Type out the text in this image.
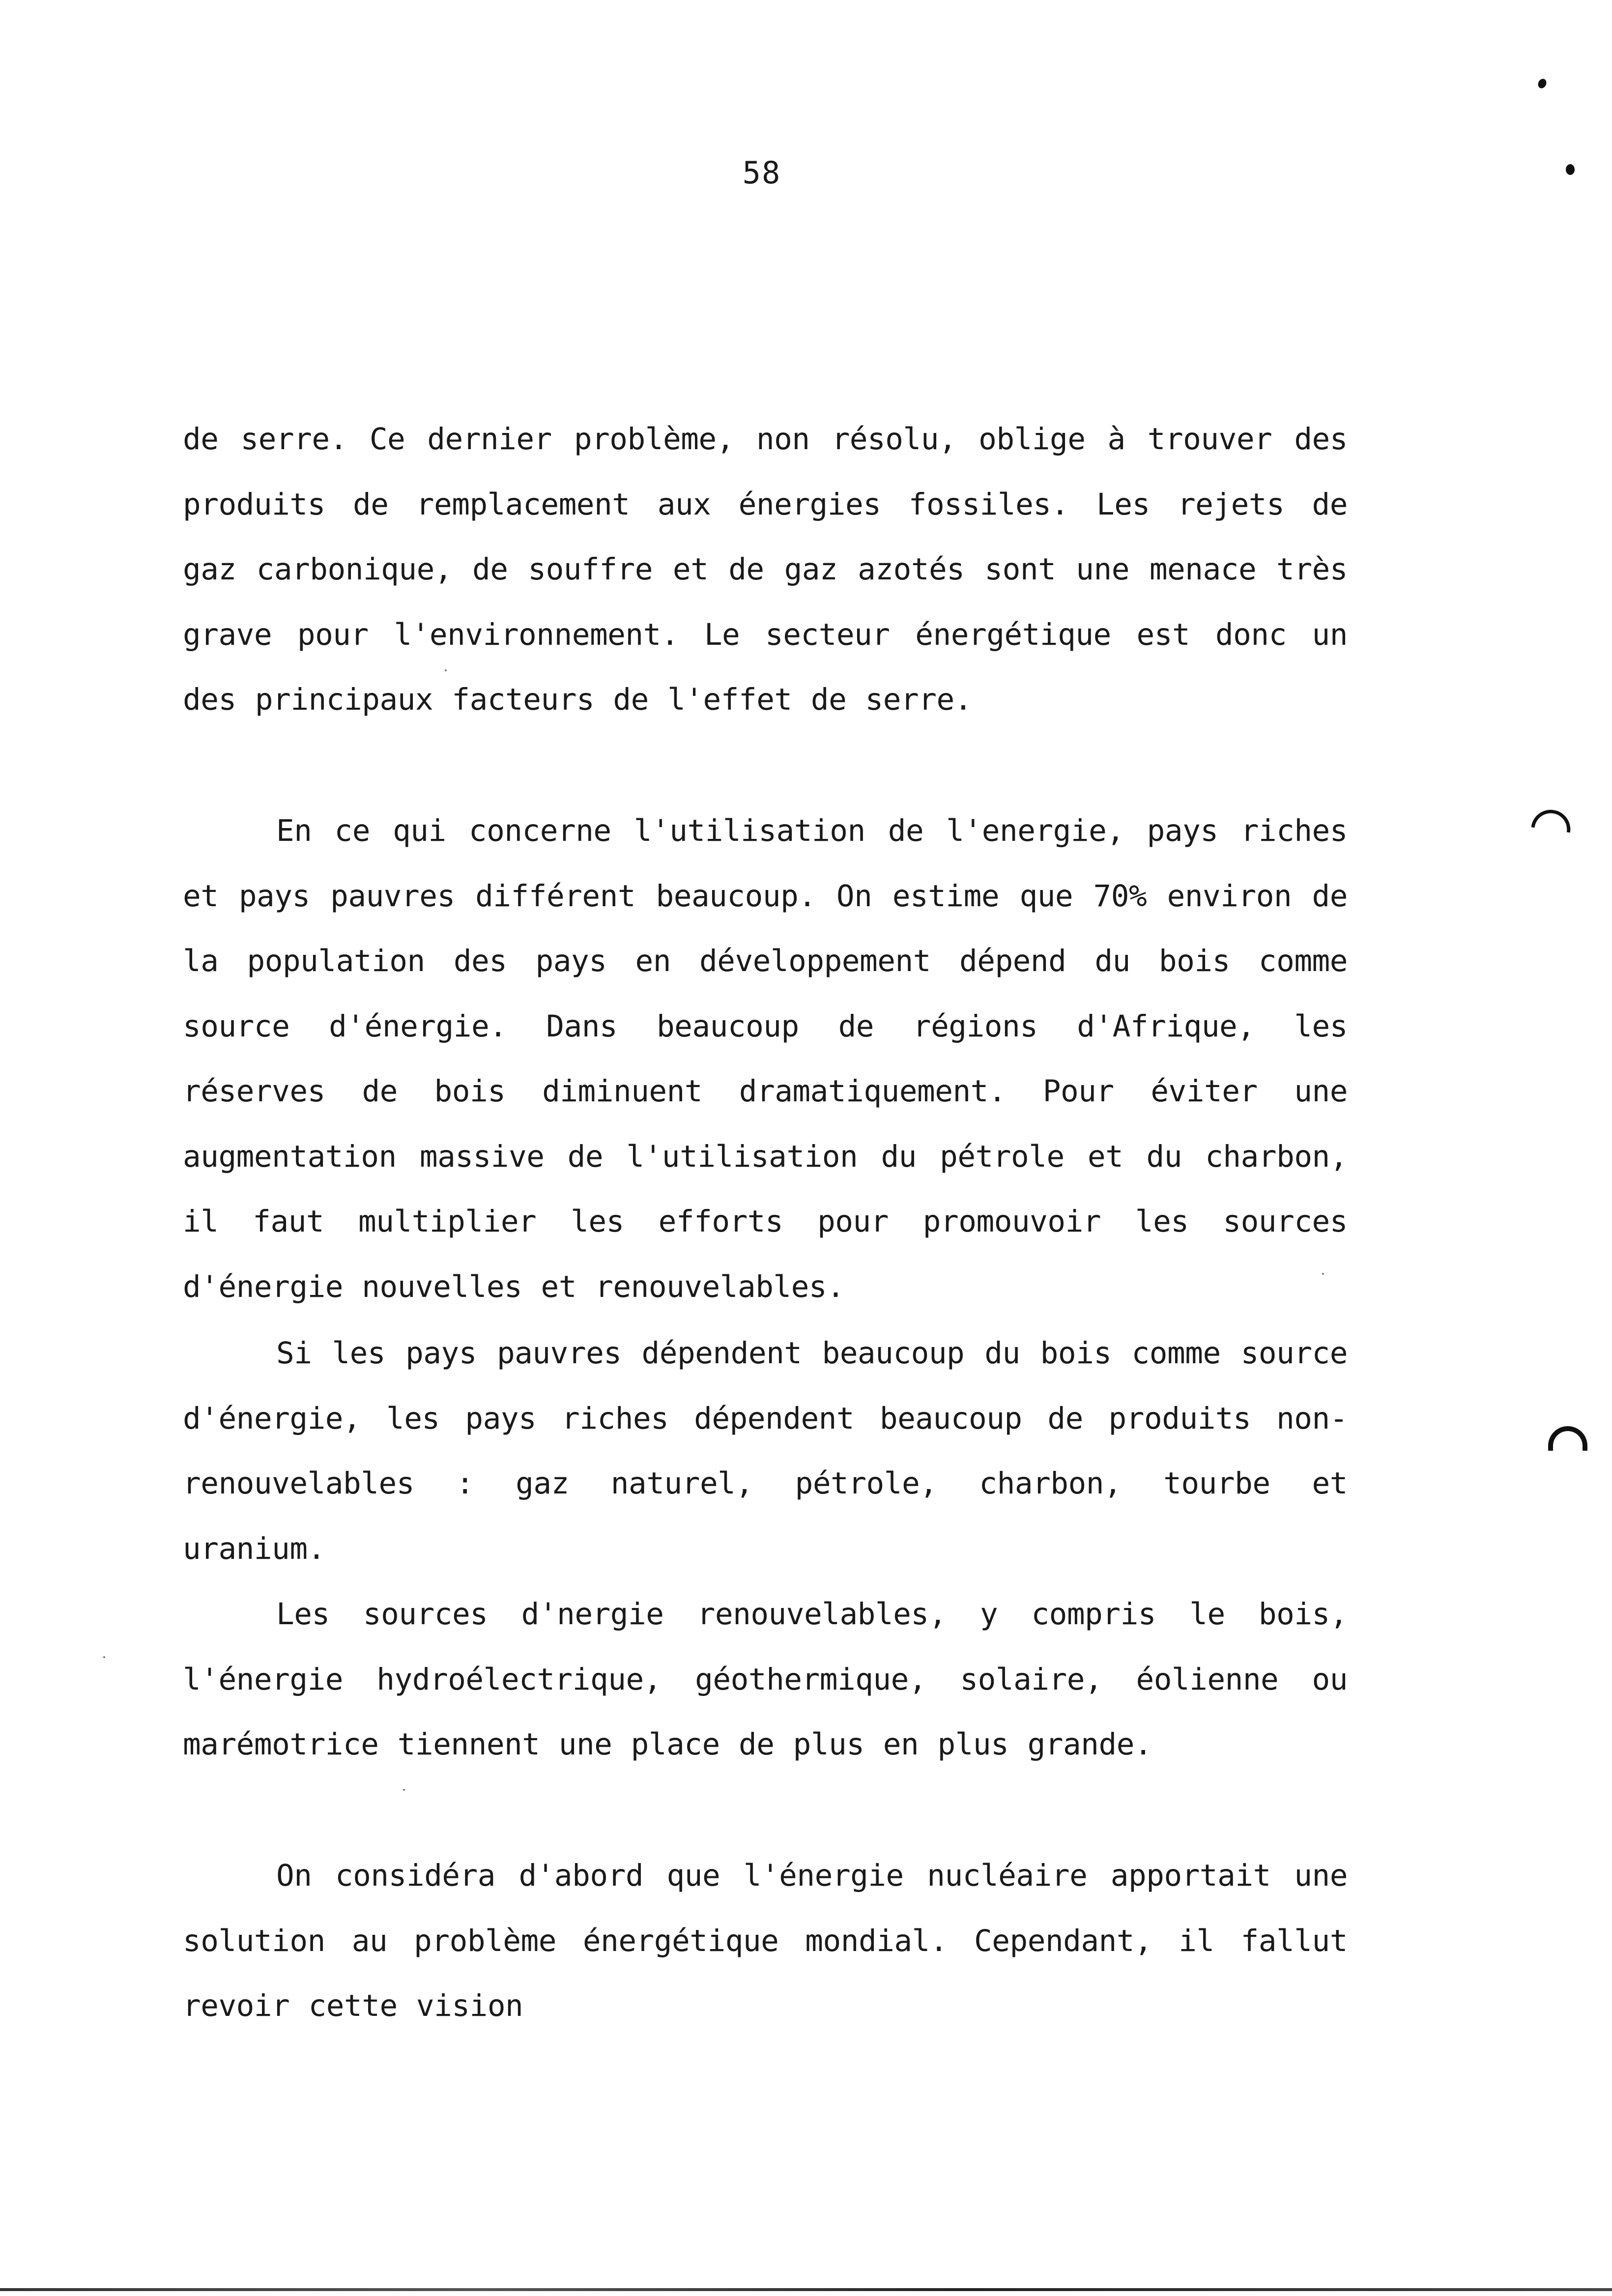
58

de serre. Ce dernier problème, non résolu, oblige à trouver des produits de remplacement aux énergies fossiles. Les rejets de gaz carbonique, de souffre et de gaz azotés sont une menace très grave pour l'environnement. Le secteur énergétique est donc un des principaux facteurs de l'effet de serre.

En ce qui concerne l'utilisation de l'energie, pays riches et pays pauvres différent beaucoup. On estime que 70% environ de la population des pays en développement dépend du bois comme source d'énergie. Dans beaucoup de régions d'Afrique, les réserves de bois diminuent dramatiquement. Pour éviter une augmentation massive de l'utilisation du pétrole et du charbon, il faut multiplier les efforts pour promouvoir les sources d'énergie nouvelles et renouvelables.

Si les pays pauvres dépendent beaucoup du bois comme source d'énergie, les pays riches dépendent beaucoup de produits non-renouvelables : gaz naturel, pétrole, charbon, tourbe et uranium.

Les sources d'nergie renouvelables, y compris le bois, l'énergie hydroélectrique, géothermique, solaire, éolienne ou marémotrice tiennent une place de plus en plus grande.

On considéra d'abord que l'énergie nucléaire apportait une solution au problème énergétique mondial. Cependant, il fallut revoir cette vision
